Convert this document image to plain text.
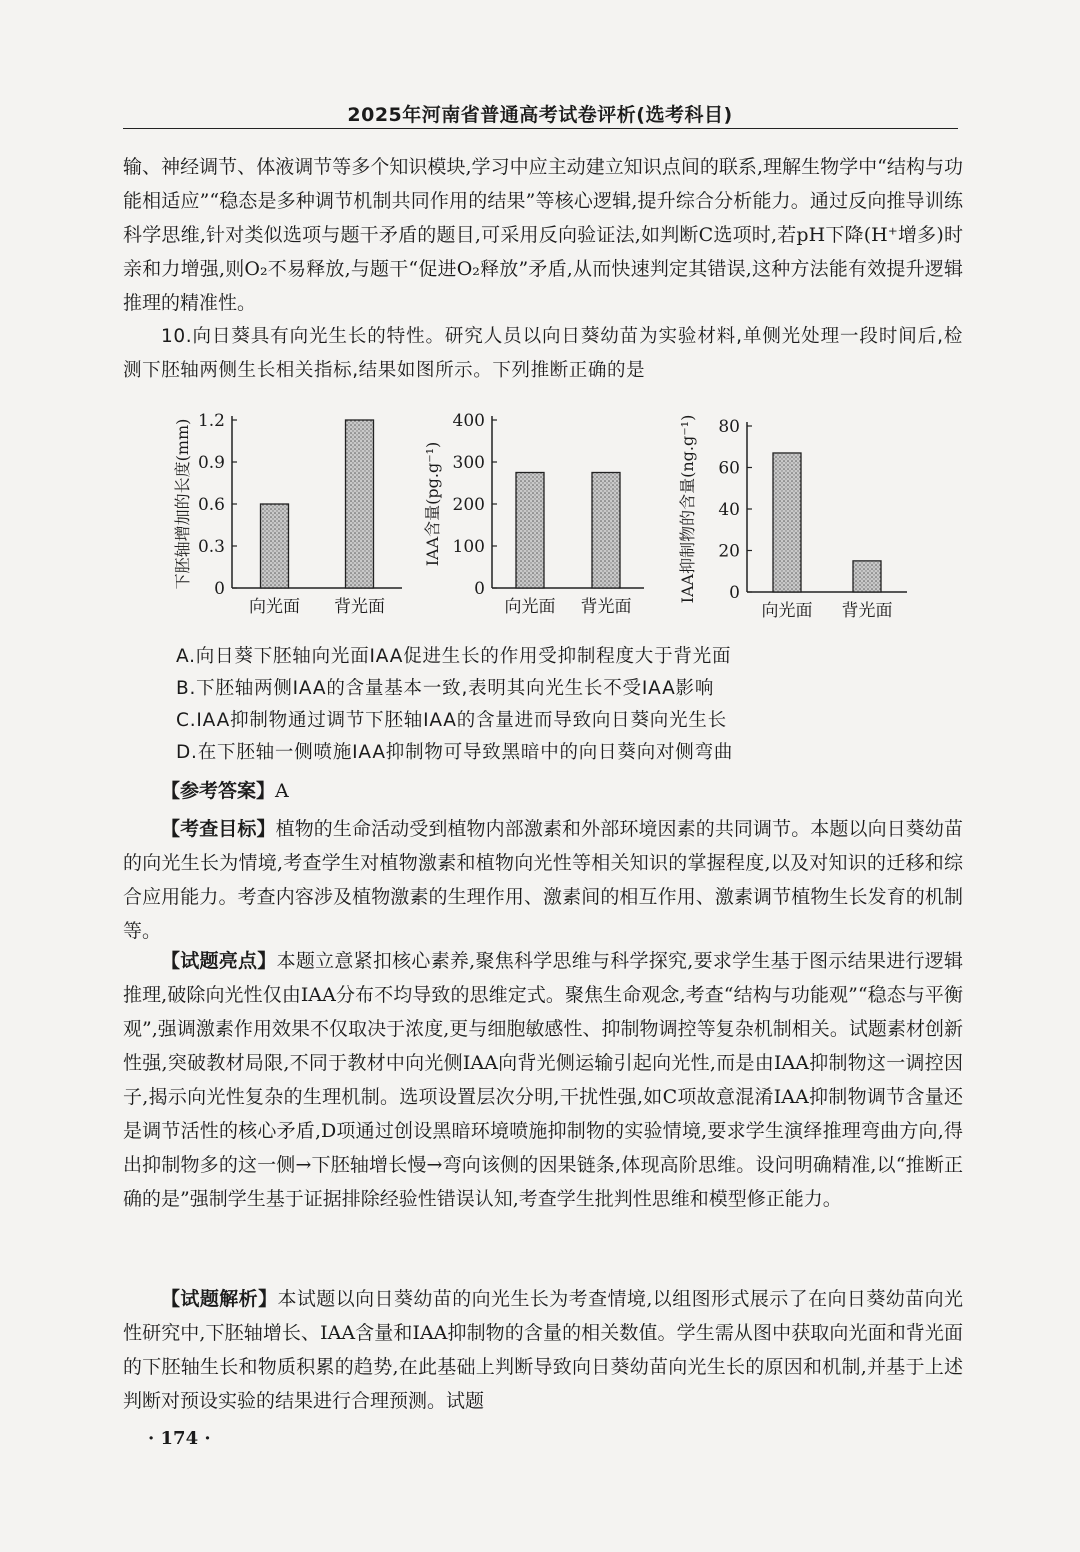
2025年河南省普通高考试卷评析(选考科目)

输、神经调节、体液调节等多个知识模块,学习中应主动建立知识点间的联系,理解生物学中“结构与功能相适应”“稳态是多种调节机制共同作用的结果”等核心逻辑,提升综合分析能力。通过反向推导训练科学思维,针对类似选项与题干矛盾的题目,可采用反向验证法,如判断C选项时,若pH下降(H⁺增多)时亲和力增强,则O₂不易释放,与题干“促进O₂释放”矛盾,从而快速判定其错误,这种方法能有效提升逻辑推理的精准性。

10.向日葵具有向光生长的特性。研究人员以向日葵幼苗为实验材料,单侧光处理一段时间后,检测下胚轴两侧生长相关指标,结果如图所示。下列推断正确的是

0
0.3
0.6
0.9
1.2
下胚轴增加的长度(mm)
向光面 背光面
0
100
200
300
400
IAA含量(pg.g⁻¹)
向光面 背光面
0
20
40
60
80
IAA抑制物的含量(ng.g⁻¹)
向光面 背光面

A.向日葵下胚轴向光面IAA促进生长的作用受抑制程度大于背光面

B.下胚轴两侧IAA的含量基本一致,表明其向光生长不受IAA影响

C.IAA抑制物通过调节下胚轴IAA的含量进而导致向日葵向光生长

D.在下胚轴一侧喷施IAA抑制物可导致黑暗中的向日葵向对侧弯曲

【参考答案】A

【考查目标】植物的生命活动受到植物内部激素和外部环境因素的共同调节。本题以向日葵幼苗的向光生长为情境,考查学生对植物激素和植物向光性等相关知识的掌握程度,以及对知识的迁移和综合应用能力。考查内容涉及植物激素的生理作用、激素间的相互作用、激素调节植物生长发育的机制等。

【试题亮点】本题立意紧扣核心素养,聚焦科学思维与科学探究,要求学生基于图示结果进行逻辑推理,破除向光性仅由IAA分布不均导致的思维定式。聚焦生命观念,考查“结构与功能观”“稳态与平衡观”,强调激素作用效果不仅取决于浓度,更与细胞敏感性、抑制物调控等复杂机制相关。试题素材创新性强,突破教材局限,不同于教材中向光侧IAA向背光侧运输引起向光性,而是由IAA抑制物这一调控因子,揭示向光性复杂的生理机制。选项设置层次分明,干扰性强,如C项故意混淆IAA抑制物调节含量还是调节活性的核心矛盾,D项通过创设黑暗环境喷施抑制物的实验情境,要求学生演绎推理弯曲方向,得出抑制物多的这一侧→下胚轴增长慢→弯向该侧的因果链条,体现高阶思维。设问明确精准,以“推断正确的是”强制学生基于证据排除经验性错误认知,考查学生批判性思维和模型修正能力。

【试题解析】本试题以向日葵幼苗的向光生长为考查情境,以组图形式展示了在向日葵幼苗向光性研究中,下胚轴增长、IAA含量和IAA抑制物的含量的相关数值。学生需从图中获取向光面和背光面的下胚轴生长和物质积累的趋势,在此基础上判断导致向日葵幼苗向光生长的原因和机制,并基于上述判断对预设实验的结果进行合理预测。试题

· 174 ·
